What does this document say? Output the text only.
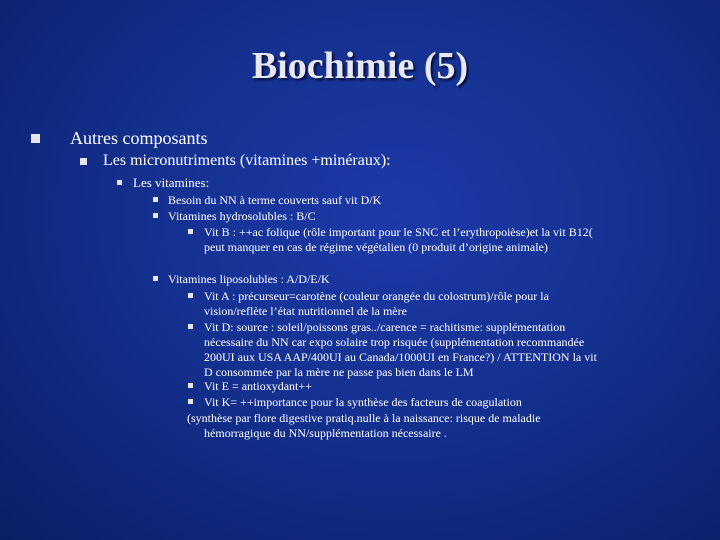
Biochimie (5)
Autres composants
Les micronutriments (vitamines +minéraux):
Les vitamines:
Besoin du NN à terme couverts sauf vit D/K
Vitamines hydrosolubles : B/C
Vit B : ++ac folique (rôle important pour le SNC et l’erythropoièse)et la vit B12(
peut manquer en cas de régime végétalien (0 produit d’origine animale)
Vitamines liposolubles : A/D/E/K
Vit A : précurseur=carotène (couleur orangée du colostrum)/rôle pour la
vision/reflète l’état nutritionnel de la mère
Vit D: source : soleil/poissons gras../carence = rachitisme: supplémentation
nécessaire du NN car expo solaire trop risquée (supplémentation recommandée
200UI aux USA AAP/400UI au Canada/1000UI en France?) / ATTENTION la vit
D consommée par la mère ne passe pas bien dans le LM
Vit E = antioxydant++
Vit K= ++importance pour la synthèse des facteurs de coagulation
(synthèse par flore digestive pratiq.nulle à la naissance: risque de maladie
hémorragique du NN/supplémentation nécessaire .
